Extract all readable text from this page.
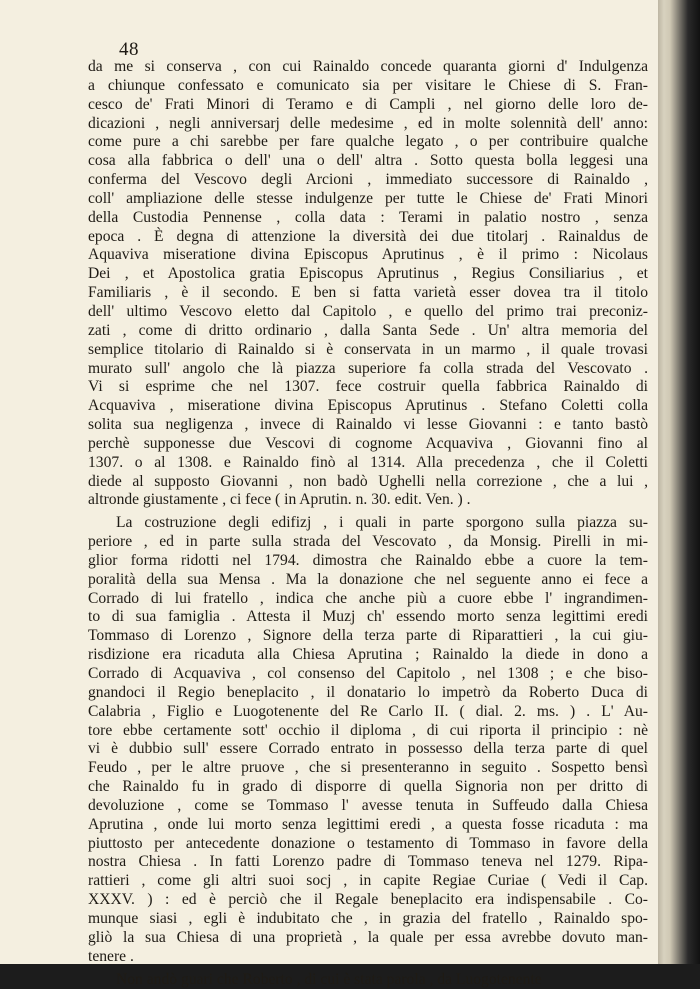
48
da me si conserva , con cui Rainaldo concede quaranta giorni d' Indulgenza
a chiunque confessato e comunicato sia per visitare le Chiese di S. Fran-
cesco de' Frati Minori di Teramo e di Campli , nel giorno delle loro de-
dicazioni , negli anniversarj delle medesime , ed in molte solennità dell' anno:
come pure a chi sarebbe per fare qualche legato , o per contribuire qualche
cosa alla fabbrica o dell' una o dell' altra . Sotto questa bolla leggesi una
conferma del Vescovo degli Arcioni , immediato successore di Rainaldo ,
coll' ampliazione delle stesse indulgenze per tutte le Chiese de' Frati Minori
della Custodia Pennense , colla data : Terami in palatio nostro , senza
epoca . È degna di attenzione la diversità dei due titolarj . Rainaldus de
Aquaviva miseratione divina Episcopus Aprutinus , è il primo : Nicolaus
Dei , et Apostolica gratia Episcopus Aprutinus , Regius Consiliarius , et
Familiaris , è il secondo. E ben si fatta varietà esser dovea tra il titolo
dell' ultimo Vescovo eletto dal Capitolo , e quello del primo trai preconiz-
zati , come di dritto ordinario , dalla Santa Sede . Un' altra memoria del
semplice titolario di Rainaldo si è conservata in un marmo , il quale trovasi
murato sull' angolo che là piazza superiore fa colla strada del Vescovato .
Vi si esprime che nel 1307. fece costruir quella fabbrica Rainaldo di
Acquaviva , miseratione divina Episcopus Aprutinus . Stefano Coletti colla
solita sua negligenza , invece di Rainaldo vi lesse Giovanni : e tanto bastò
perchè supponesse due Vescovi di cognome Acquaviva , Giovanni fino al
1307. o al 1308. e Rainaldo finò al 1314. Alla precedenza , che il Coletti
diede al supposto Giovanni , non badò Ughelli nella correzione , che a lui ,
altronde giustamente , ci fece ( in Aprutin. n. 30. edit. Ven. ) .
La costruzione degli edifizj , i quali in parte sporgono sulla piazza su-
periore , ed in parte sulla strada del Vescovato , da Monsig. Pirelli in mi-
glior forma ridotti nel 1794. dimostra che Rainaldo ebbe a cuore la tem-
poralità della sua Mensa . Ma la donazione che nel seguente anno ei fece a
Corrado di lui fratello , indica che anche più a cuore ebbe l' ingrandimen-
to di sua famiglia . Attesta il Muzj ch' essendo morto senza legittimi eredi
Tommaso di Lorenzo , Signore della terza parte di Riparattieri , la cui giu-
risdizione era ricaduta alla Chiesa Aprutina ; Rainaldo la diede in dono a
Corrado di Acquaviva , col consenso del Capitolo , nel 1308 ; e che biso-
gnandoci il Regio beneplacito , il donatario lo impetrò da Roberto Duca di
Calabria , Figlio e Luogotenente del Re Carlo II. ( dial. 2. ms. ) . L' Au-
tore ebbe certamente sott' occhio il diploma , di cui riporta il principio : nè
vi è dubbio sull' essere Corrado entrato in possesso della terza parte di quel
Feudo , per le altre pruove , che si presenteranno in seguito . Sospetto bensì
che Rainaldo fu in grado di disporre di quella Signoria non per dritto di
devoluzione , come se Tommaso l' avesse tenuta in Suffeudo dalla Chiesa
Aprutina , onde lui morto senza legittimi eredi , a questa fosse ricaduta : ma
piuttosto per antecedente donazione o testamento di Tommaso in favore della
nostra Chiesa . In fatti Lorenzo padre di Tommaso teneva nel 1279. Ripa-
rattieri , come gli altri suoi socj , in capite Regiae Curiae ( Vedi il Cap.
XXXV. ) : ed è perciò che il Regale beneplacito era indispensabile . Co-
munque siasi , egli è indubitato che , in grazia del fratello , Rainaldo spo-
gliò la sua Chiesa di una proprietà , la quale per essa avrebbe dovuto man-
tenere .
Non andò guari che Roberto , di cui è stata parola , da Luogotenente
